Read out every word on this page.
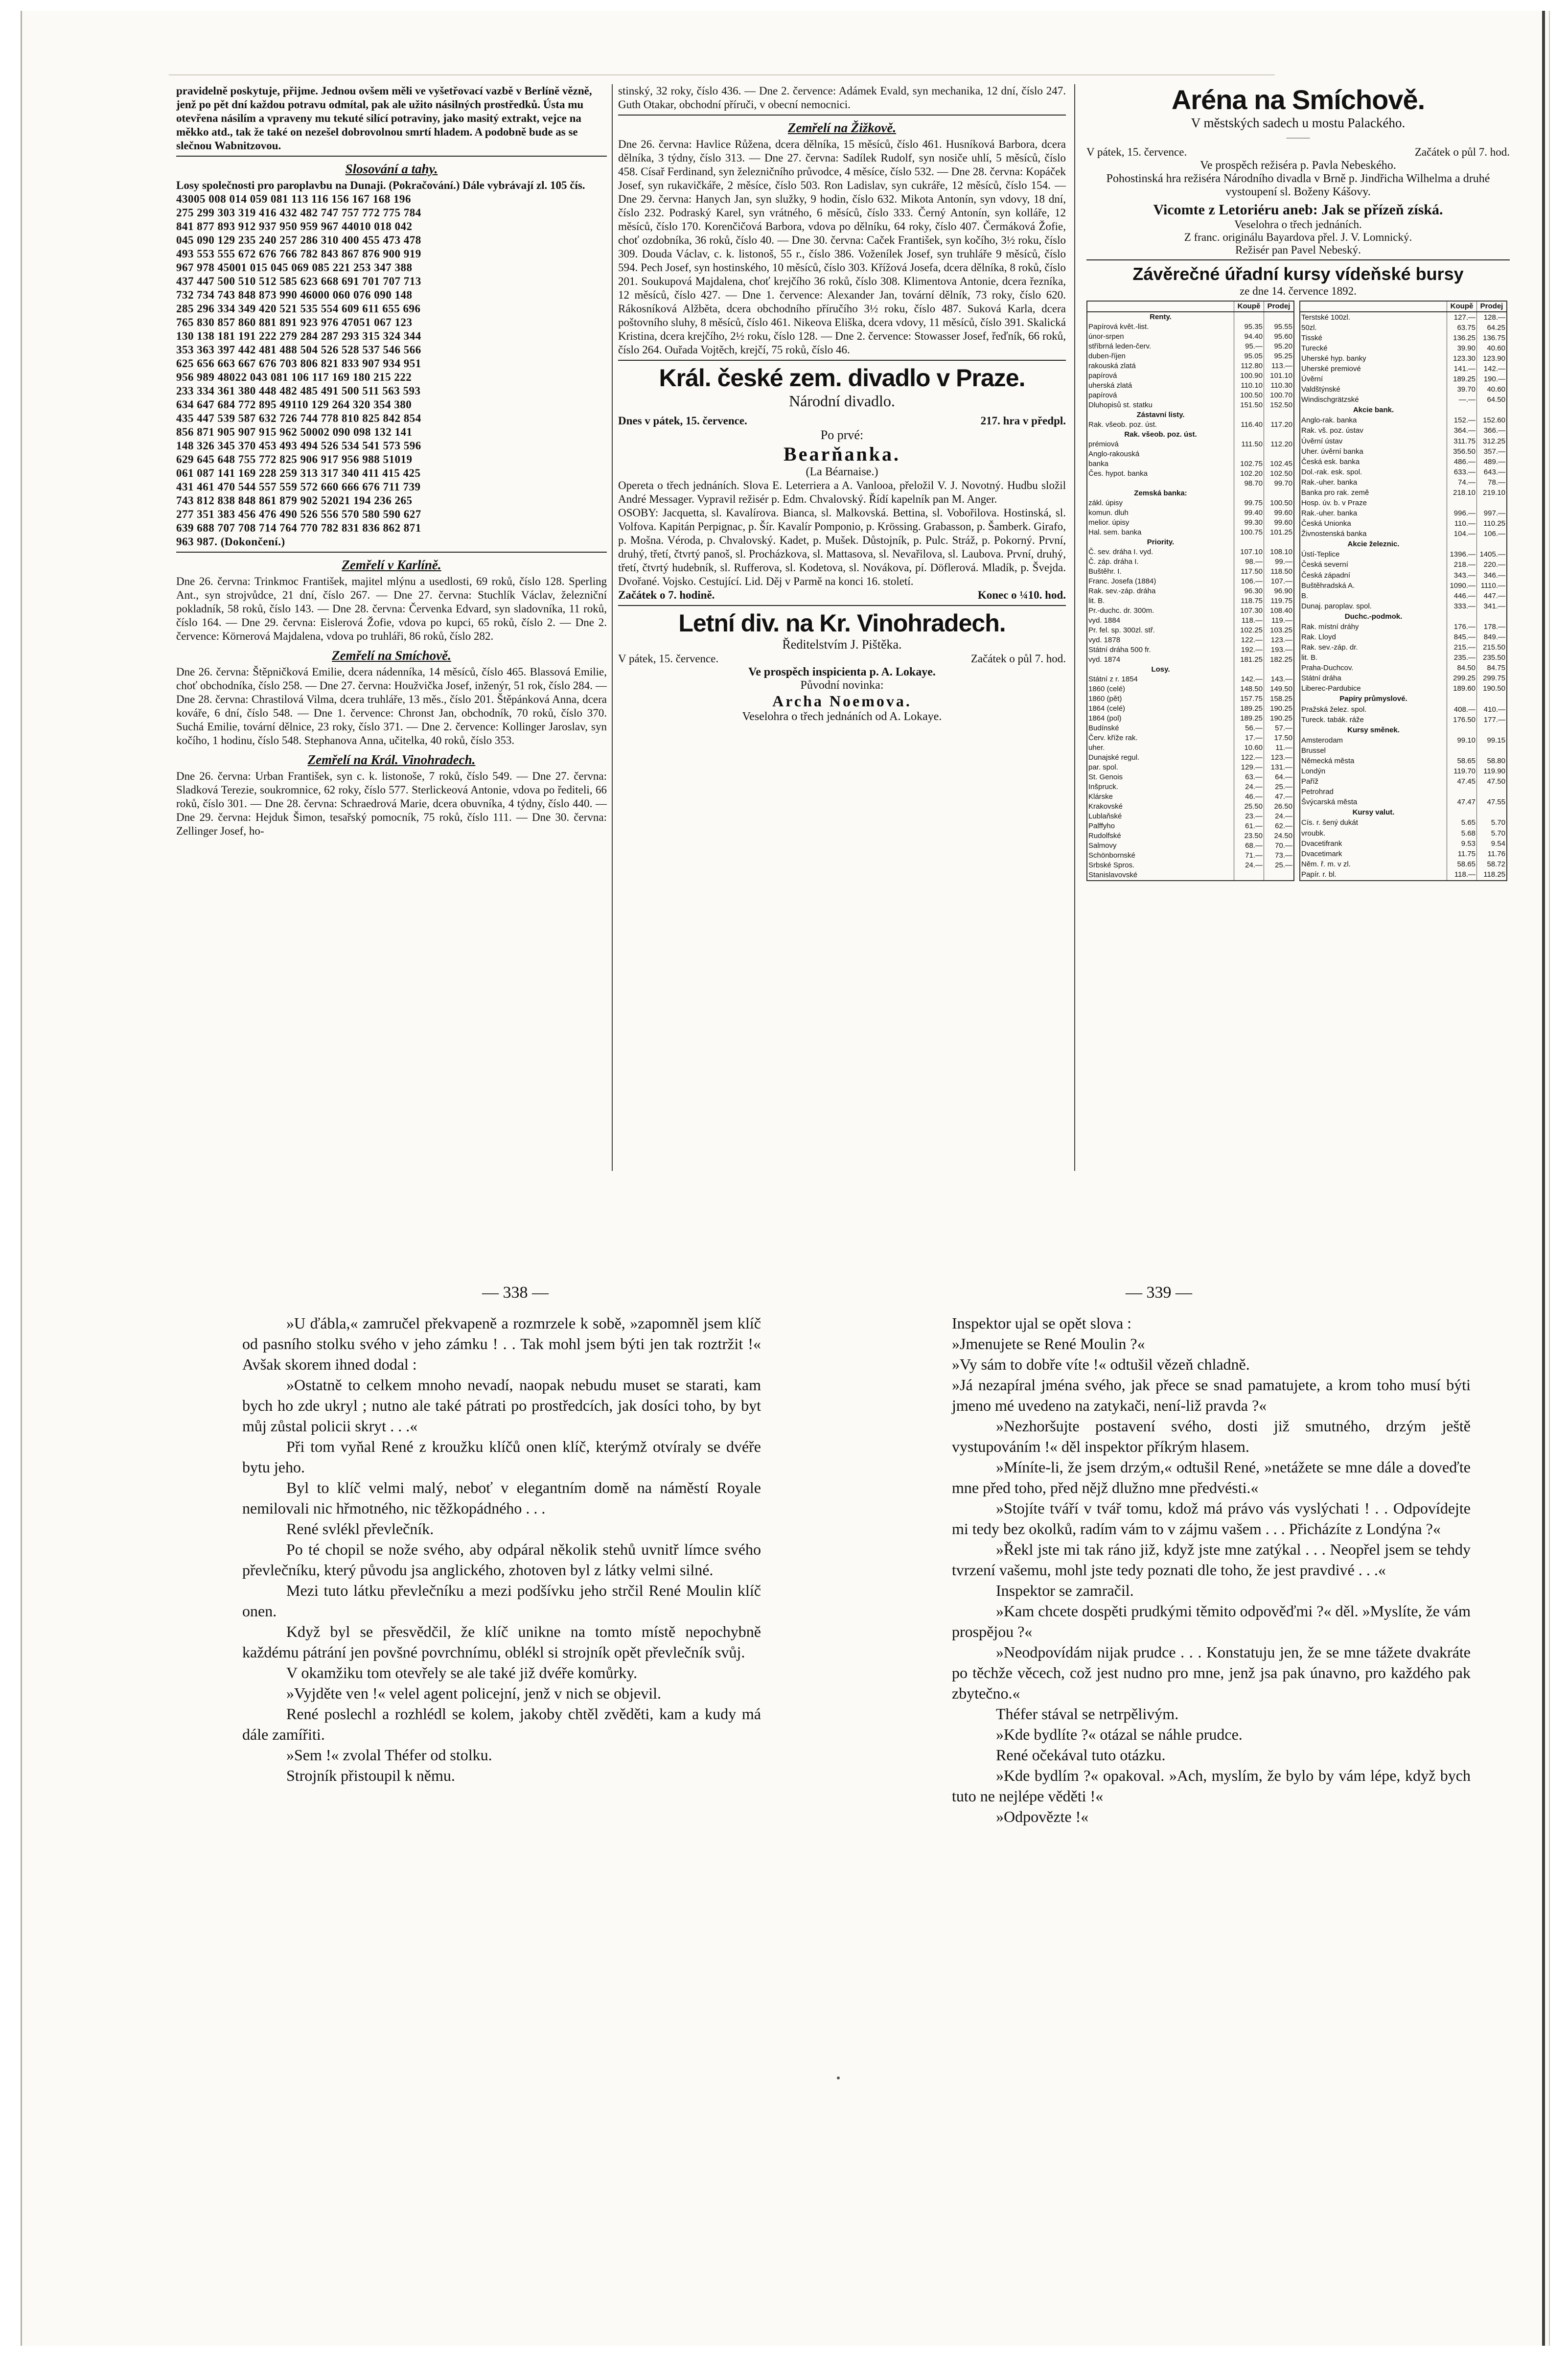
pravidelně poskytuje, přijme. Jednou ovšem měli ve vyšetřovací vazbě v Berlíně vězně, jenž po pět dní každou potravu odmítal, pak ale užito násilných prostředků. Ústa mu otevřena násilím a vpraveny mu tekuté silící potraviny, jako masitý extrakt, vejce na měkko atd., tak že také on nezešel dobrovolnou smrtí hladem. A podobně bude as se slečnou Wabnitzovou.

Slosování a tahy.

Losy společnosti pro paroplavbu na Dunaji. (Pokračování.) Dále vybrávají zl. 105 čís.

43005 008 014 059 081 113 116 156 167 168 196

275 299 303 319 416 432 482 747 757 772 775 784

841 877 893 912 937 950 959 967 44010 018 042

045 090 129 235 240 257 286 310 400 455 473 478

493 553 555 672 676 766 782 843 867 876 900 919

967 978 45001 015 045 069 085 221 253 347 388

437 447 500 510 512 585 623 668 691 701 707 713

732 734 743 848 873 990 46000 060 076 090 148

285 296 334 349 420 521 535 554 609 611 655 696

765 830 857 860 881 891 923 976 47051 067 123

130 138 181 191 222 279 284 287 293 315 324 344

353 363 397 442 481 488 504 526 528 537 546 566

625 656 663 667 676 703 806 821 833 907 934 951

956 989 48022 043 081 106 117 169 180 215 222

233 334 361 380 448 482 485 491 500 511 563 593

634 647 684 772 895 49110 129 264 320 354 380

435 447 539 587 632 726 744 778 810 825 842 854

856 871 905 907 915 962 50002 090 098 132 141

148 326 345 370 453 493 494 526 534 541 573 596

629 645 648 755 772 825 906 917 956 988 51019

061 087 141 169 228 259 313 317 340 411 415 425

431 461 470 544 557 559 572 660 666 676 711 739

743 812 838 848 861 879 902 52021 194 236 265

277 351 383 456 476 490 526 556 570 580 590 627

639 688 707 708 714 764 770 782 831 836 862 871

963 987. (Dokončení.)

Zemřelí v Karlíně.

Dne 26. června: Trinkmoc František, majitel mlýnu a usedlosti, 69 roků, číslo 128. Sperling Ant., syn strojvůdce, 21 dní, číslo 267. — Dne 27. června: Stuchlík Václav, železniční pokladník, 58 roků, číslo 143. — Dne 28. června: Červenka Edvard, syn sladovníka, 11 roků, číslo 164. — Dne 29. června: Eislerová Žofie, vdova po kupci, 65 roků, číslo 2. — Dne 2. července: Körnerová Majdalena, vdova po truhláři, 86 roků, číslo 282.

Zemřelí na Smíchově.

Dne 26. června: Štěpničková Emilie, dcera nádenníka, 14 měsíců, číslo 465. Blassová Emilie, choť obchodníka, číslo 258. — Dne 27. června: Houžvička Josef, inženýr, 51 rok, číslo 284. — Dne 28. června: Chrastilová Vilma, dcera truhláře, 13 měs., číslo 201. Štěpánková Anna, dcera kováře, 6 dní, číslo 548. — Dne 1. července: Chronst Jan, obchodník, 70 roků, číslo 370. Suchá Emilie, tovární dělnice, 23 roky, číslo 371. — Dne 2. července: Kollinger Jaroslav, syn kočího, 1 hodinu, číslo 548. Stephanova Anna, učitelka, 40 roků, číslo 353.

Zemřelí na Král. Vinohradech.

Dne 26. června: Urban František, syn c. k. listonoše, 7 roků, číslo 549. — Dne 27. června: Sladková Terezie, soukromnice, 62 roky, číslo 577. Sterlickeová Antonie, vdova po řediteli, 66 roků, číslo 301. — Dne 28. června: Schraedrová Marie, dcera obuvníka, 4 týdny, číslo 440. — Dne 29. června: Hejduk Šimon, tesařský pomocník, 75 roků, číslo 111. — Dne 30. června: Zellinger Josef, ho-

stinský, 32 roky, číslo 436. — Dne 2. července: Adámek Evald, syn mechanika, 12 dní, číslo 247. Guth Otakar, obchodní příruči, v obecní nemocnici.

Zemřelí na Žižkově.

Dne 26. června: Havlice Růžena, dcera dělníka, 15 měsíců, číslo 461. Husníková Barbora, dcera dělníka, 3 týdny, číslo 313. — Dne 27. června: Sadílek Rudolf, syn nosiče uhlí, 5 měsíců, číslo 458. Císař Ferdinand, syn železničního průvodce, 4 měsíce, číslo 532. — Dne 28. června: Kopáček Josef, syn rukavičkáře, 2 měsíce, číslo 503. Ron Ladislav, syn cukráře, 12 měsíců, číslo 154. — Dne 29. června: Hanych Jan, syn služky, 9 hodin, číslo 632. Mikota Antonín, syn vdovy, 18 dní, číslo 232. Podraský Karel, syn vrátného, 6 měsíců, číslo 333. Černý Antonín, syn kolláře, 12 měsíců, číslo 170. Korenčičová Barbora, vdova po dělníku, 64 roky, číslo 407. Čermáková Žofie, choť ozdobníka, 36 roků, číslo 40. — Dne 30. června: Caček František, syn kočího, 3½ roku, číslo 309. Douda Václav, c. k. listonoš, 55 r., číslo 386. Voženílek Josef, syn truhláře 9 měsíců, číslo 594. Pech Josef, syn hostinského, 10 měsíců, číslo 303. Křížová Josefa, dcera dělníka, 8 roků, číslo 201. Soukupová Majdalena, choť krejčího 36 roků, číslo 308. Klimentova Antonie, dcera řezníka, 12 měsíců, číslo 427. — Dne 1. července: Alexander Jan, tovární dělník, 73 roky, číslo 620. Rákosníková Alžběta, dcera obchodního příručího 3½ roku, číslo 487. Suková Karla, dcera poštovního sluhy, 8 měsíců, číslo 461. Nikeova Eliška, dcera vdovy, 11 měsíců, číslo 391. Skalická Kristina, dcera krejčího, 2½ roku, číslo 128. — Dne 2. července: Stowasser Josef, řeďník, 66 roků, číslo 264. Ouřada Vojtěch, krejčí, 75 roků, číslo 46.

Král. české zem. divadlo v Praze.
Národní divadlo.
Dnes v pátek, 15. července.	217. hra v předpl.
Po prvé:
Bearňanka.
(La Béarnaise.)

Opereta o třech jednáních. Slova E. Leterriera a A. Vanlooa, přeložil V. J. Novotný. Hudbu složil André Messager. Vypravil režisér p. Edm. Chvalovský. Řídí kapelník pan M. Anger.

OSOBY: Jacquetta, sl. Kavalírova. Bianca, sl. Malkovská. Bettina, sl. Vobořilova. Hostinská, sl. Volfova. Kapitán Perpignac, p. Šír. Kavalír Pomponio, p. Krössing. Grabasson, p. Šamberk. Girafo, p. Mošna. Véroda, p. Chvalovský. Kadet, p. Mušek. Důstojník, p. Pulc. Stráž, p. Pokorný. První, druhý, třetí, čtvrtý panoš, sl. Procházkova, sl. Mattasova, sl. Nevařilova, sl. Laubova. První, druhý, třetí, čtvrtý hudebník, sl. Rufferova, sl. Kodetova, sl. Novákova, pí. Döflerová. Mladík, p. Švejda. Dvořané. Vojsko. Cestující. Lid. Děj v Parmě na konci 16. století.

Začátek o 7. hodině.	Konec o ¼10. hod.
Letní div. na Kr. Vinohradech.
Ředitelstvím J. Pištěka.
V pátek, 15. července.	Začátek o půl 7. hod.
Ve prospěch inspicienta p. A. Lokaye.
Původní novinka:
Archa Noemova.
Veselohra o třech jednáních od A. Lokaye.
Aréna na Smíchově.
V městských sadech u mostu Palackého.
———
V pátek, 15. července.	Začátek o půl 7. hod.
Ve prospěch režiséra p. Pavla Nebeského.
Pohostinská hra režiséra Národního divadla v Brně p. Jindřicha Wilhelma a druhé vystoupení sl. Boženy Kášovy.
Vicomte z Letoriéru aneb: Jak se přízeň získá.
Veselohra o třech jednáních.
Z franc. originálu Bayardova přel. J. V. Lomnický.
Režisér pan Pavel Nebeský.
Závěrečné úřadní kursy vídeňské bursy
ze dne 14. července 1892.
	Koupě	Prodej
Renty.		
Papírová květ.-list.	95.35	95.55
únor-srpen	94.40	95.60
stříbrná leden-červ.	95.—	95.20
duben-říjen	95.05	95.25
rakouská zlatá	112.80	113.—
papírová	100.90	101.10
uherská zlatá	110.10	110.30
papírová	100.50	100.70
Dluhopisů st. statku	151.50	152.50
Zástavní listy.		
Rak. všeob. poz. úst.	116.40	117.20
Rak. všeob. poz. úst.		
prémiová	111.50	112.20
Anglo-rakouská		
banka	102.75	102.45
Čes. hypot. banka	102.20	102.50
	98.70	99.70
Zemská banka:		
zákl. úpisy	99.75	100.50
komun. dluh	99.40	99.60
melior. úpisy	99.30	99.60
Hal. sem. banka	100.75	101.25
Priority.		
Č. sev. dráha I. vyd.	107.10	108.10
Č. záp. dráha I.	98.—	99.—
Buštěhr. I.	117.50	118.50
Franc. Josefa (1884)	106.—	107.—
Rak. sev.-záp. dráha	96.30	96.90
lit. B.	118.75	119.75
Pr.-duchc. dr. 300m.	107.30	108.40
vyd. 1884	118.—	119.—
Pr. fel. sp. 300zl. stř.	102.25	103.25
vyd. 1878	122.—	123.—
Státní dráha 500 fr.	192.—	193.—
vyd. 1874	181.25	182.25
Losy.		
Státní z r. 1854	142.—	143.—
1860 (celé)	148.50	149.50
1860 (pět)	157.75	158.25
1864 (celé)	189.25	190.25
1864 (pol)	189.25	190.25
Budínské	56.—	57.—
Červ. kříže rak.	17.—	17.50
uher.	10.60	11.—
Dunajské regul.	122.—	123.—
par. spol.	129.—	131.—
St. Genois	63.—	64.—
Inšpruck.	24.—	25.—
Klárske	46.—	47.—
Krakovské	25.50	26.50
Lublaňské	23.—	24.—
Palffyho	61.—	62.—
Rudolfské	23.50	24.50
Salmovy	68.—	70.—
Schönbornské	71.—	73.—
Srbské Spros.	24.—	25.—
Stanislavovské		
	Koupě	Prodej
Terstské 100zl.	127.—	128.—
50zl.	63.75	64.25
Tisské	136.25	136.75
Turecké	39.90	40.60
Uherské hyp. banky	123.30	123.90
Uherské premiové	141.—	142.—
Úvěrní	189.25	190.—
Valdštýnské	39.70	40.60
Windischgrätzské	—.—	64.50
Akcie bank.		
Anglo-rak. banka	152.—	152.60
Rak. vš. poz. ústav	364.—	366.—
Úvěrní ústav	311.75	312.25
Uher. úvěrní banka	356.50	357.—
Česká esk. banka	486.—	489.—
Dol.-rak. esk. spol.	633.—	643.—
Rak.-uher. banka	74.—	78.—
Banka pro rak. země	218.10	219.10
Hosp. úv. b. v Praze		
Rak.-uher. banka	996.—	997.—
Česká Unionka	110.—	110.25
Živnostenská banka	104.—	106.—
Akcie železnic.		
Ústí-Teplice	1396.—	1405.—
Česká severní	218.—	220.—
Česká západní	343.—	346.—
Buštěhradská A.	1090.—	1110.—
B.	446.—	447.—
Dunaj. paroplav. spol.	333.—	341.—
Duchc.-podmok.		
Rak. místní dráhy	176.—	178.—
Rak. Lloyd	845.—	849.—
Rak. sev.-záp. dr.	215.—	215.50
lit. B.	235.—	235.50
Praha-Duchcov.	84.50	84.75
Státní dráha	299.25	299.75
Liberec-Pardubice	189.60	190.50
Papíry průmyslové.		
Pražská želez. spol.	408.—	410.—
Tureck. tabák. ráže	176.50	177.—
Kursy směnek.		
Amsterodam	99.10	99.15
Brussel		
Německá města	58.65	58.80
Londýn	119.70	119.90
Paříž	47.45	47.50
Petrohrad		
Švýcarská města	47.47	47.55
Kursy valut.		
Cís. r. šený dukát	5.65	5.70
vroubk.	5.68	5.70
Dvacetifrank	9.53	9.54
Dvacetimark	11.75	11.76
Něm. ř. m. v zl.	58.65	58.72
Papír. r. bl.	118.—	118.25
— 338 —	— 339 —

»U ďábla,« zamručel překvapeně a rozmrzele k sobě, »zapomněl jsem klíč od pasního stolku svého v jeho zámku ! . . Tak mohl jsem býti jen tak roztržit !« Avšak skorem ihned dodal :

»Ostatně to celkem mnoho nevadí, naopak nebudu muset se starati, kam bych ho zde ukryl ; nutno ale také pátrati po prostředcích, jak dosíci toho, by byt můj zůstal policii skryt . . .«

Při tom vyňal René z kroužku klíčů onen klíč, kterýmž otvíraly se dvéře bytu jeho.

Byl to klíč velmi malý, neboť v elegantním domě na náměstí Royale nemilovali nic hřmotného, nic těžkopádného . . .

René svlékl převlečník.

Po té chopil se nože svého, aby odpáral několik stehů uvnitř límce svého převlečníku, který původu jsa anglického, zhotoven byl z látky velmi silné.

Mezi tuto látku převlečníku a mezi podšívku jeho strčil René Moulin klíč onen.

Když byl se přesvědčil, že klíč unikne na tomto místě nepochybně každému pátrání jen povšné povrchnímu, oblékl si strojník opět převlečník svůj.

V okamžiku tom otevřely se ale také již dvéře komůrky.

»Vyjděte ven !« velel agent policejní, jenž v nich se objevil.

René poslechl a rozhlédl se kolem, jakoby chtěl zvěděti, kam a kudy má dále zamířiti.

»Sem !« zvolal Théfer od stolku.

Strojník přistoupil k němu.

Inspektor ujal se opět slova :

»Jmenujete se René Moulin ?«

»Vy sám to dobře víte !« odtušil vězeň chladně.

»Já nezapíral jména svého, jak přece se snad pamatujete, a krom toho musí býti jmeno mé uvedeno na zatykači, není-liž pravda ?«

»Nezhoršujte postavení svého, dosti již smutného, drzým ještě vystupováním !« děl inspektor příkrým hlasem.

»Míníte-li, že jsem drzým,« odtušil René, »netážete se mne dále a doveďte mne před toho, před nějž dlužno mne předvésti.«

»Stojíte tváří v tvář tomu, kdož má právo vás vyslýchati ! . . Odpovídejte mi tedy bez okolků, radím vám to v zájmu vašem . . . Přicházíte z Londýna ?«

»Řekl jste mi tak ráno již, když jste mne zatýkal . . . Neopřel jsem se tehdy tvrzení vašemu, mohl jste tedy poznati dle toho, že jest pravdivé . . .«

Inspektor se zamračil.

»Kam chcete dospěti prudkými těmito odpověďmi ?« děl. »Myslíte, že vám prospějou ?«

»Neodpovídám nijak prudce . . . Konstatuju jen, že se mne tážete dvakráte po těchže věcech, což jest nudno pro mne, jenž jsa pak únavno, pro každého pak zbytečno.«

Théfer stával se netrpělivým.

»Kde bydlíte ?« otázal se náhle prudce.

René očekával tuto otázku.

»Kde bydlím ?« opakoval. »Ach, myslím, že bylo by vám lépe, když bych tuto ne nejlépe věděti !«

»Odpovězte !«
